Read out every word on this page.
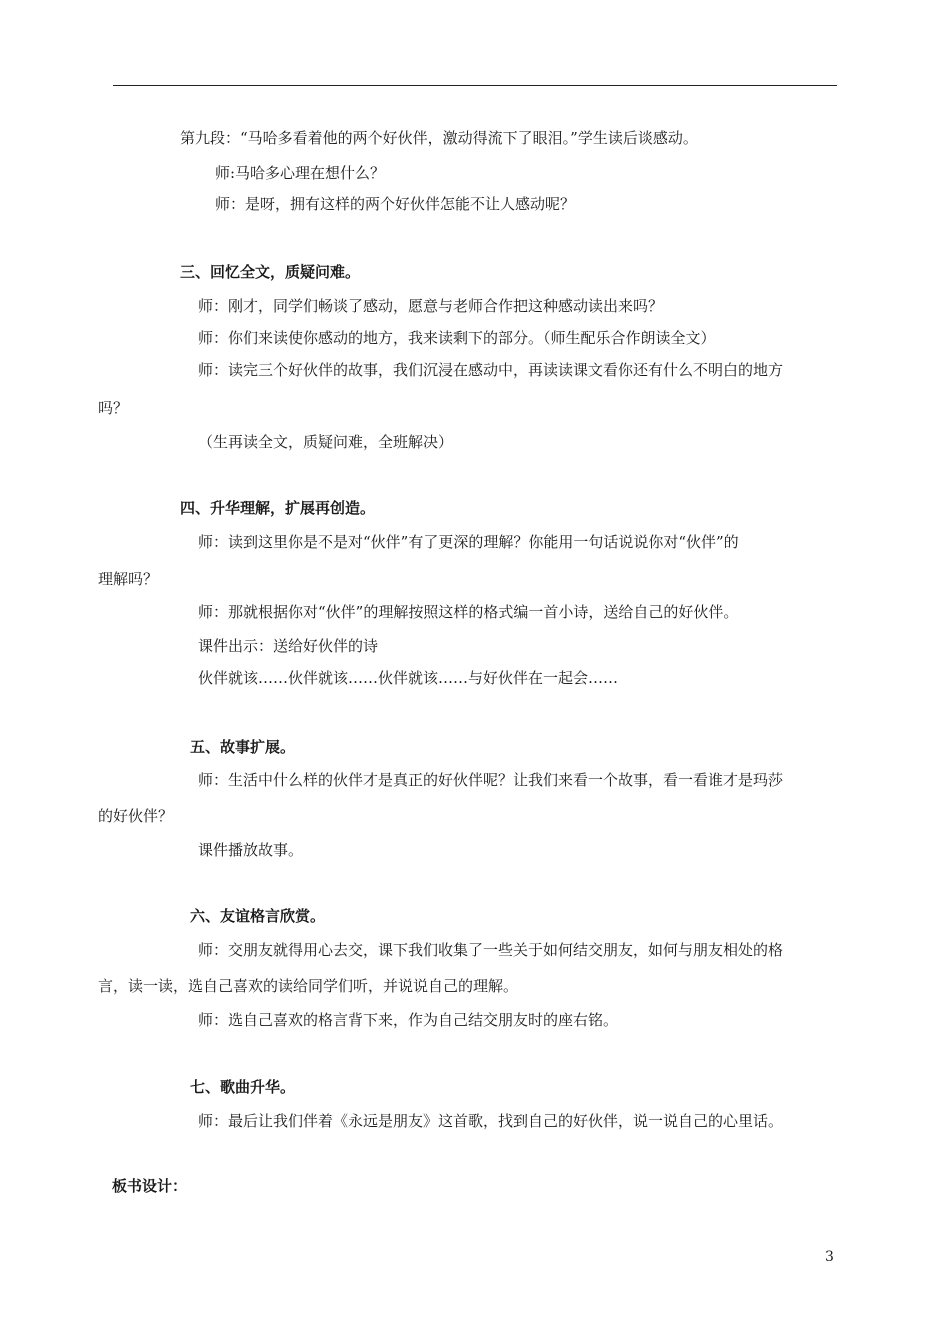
第九段：“马哈多看着他的两个好伙伴，激动得流下了眼泪。”学生读后谈感动。
师:马哈多心理在想什么？
师：是呀，拥有这样的两个好伙伴怎能不让人感动呢？
三、回忆全文，质疑问难。
师：刚才，同学们畅谈了感动，愿意与老师合作把这种感动读出来吗？
师：你们来读使你感动的地方，我来读剩下的部分。（师生配乐合作朗读全文）
师：读完三个好伙伴的故事，我们沉浸在感动中，再读读课文看你还有什么不明白的地方
吗？
（生再读全文，质疑问难，全班解决）
四、升华理解，扩展再创造。
师：读到这里你是不是对“伙伴”有了更深的理解？你能用一句话说说你对“伙伴”的
理解吗？
师：那就根据你对“伙伴”的理解按照这样的格式编一首小诗，送给自己的好伙伴。
课件出示：送给好伙伴的诗
伙伴就该……伙伴就该……伙伴就该……与好伙伴在一起会……
五、故事扩展。
师：生活中什么样的伙伴才是真正的好伙伴呢？让我们来看一个故事，看一看谁才是玛莎
的好伙伴？
课件播放故事。
六、友谊格言欣赏。
师：交朋友就得用心去交，课下我们收集了一些关于如何结交朋友，如何与朋友相处的格
言，读一读，选自己喜欢的读给同学们听，并说说自己的理解。
师：选自己喜欢的格言背下来，作为自己结交朋友时的座右铭。
七、歌曲升华。
师：最后让我们伴着《永远是朋友》这首歌，找到自己的好伙伴，说一说自己的心里话。
板书设计：
3
